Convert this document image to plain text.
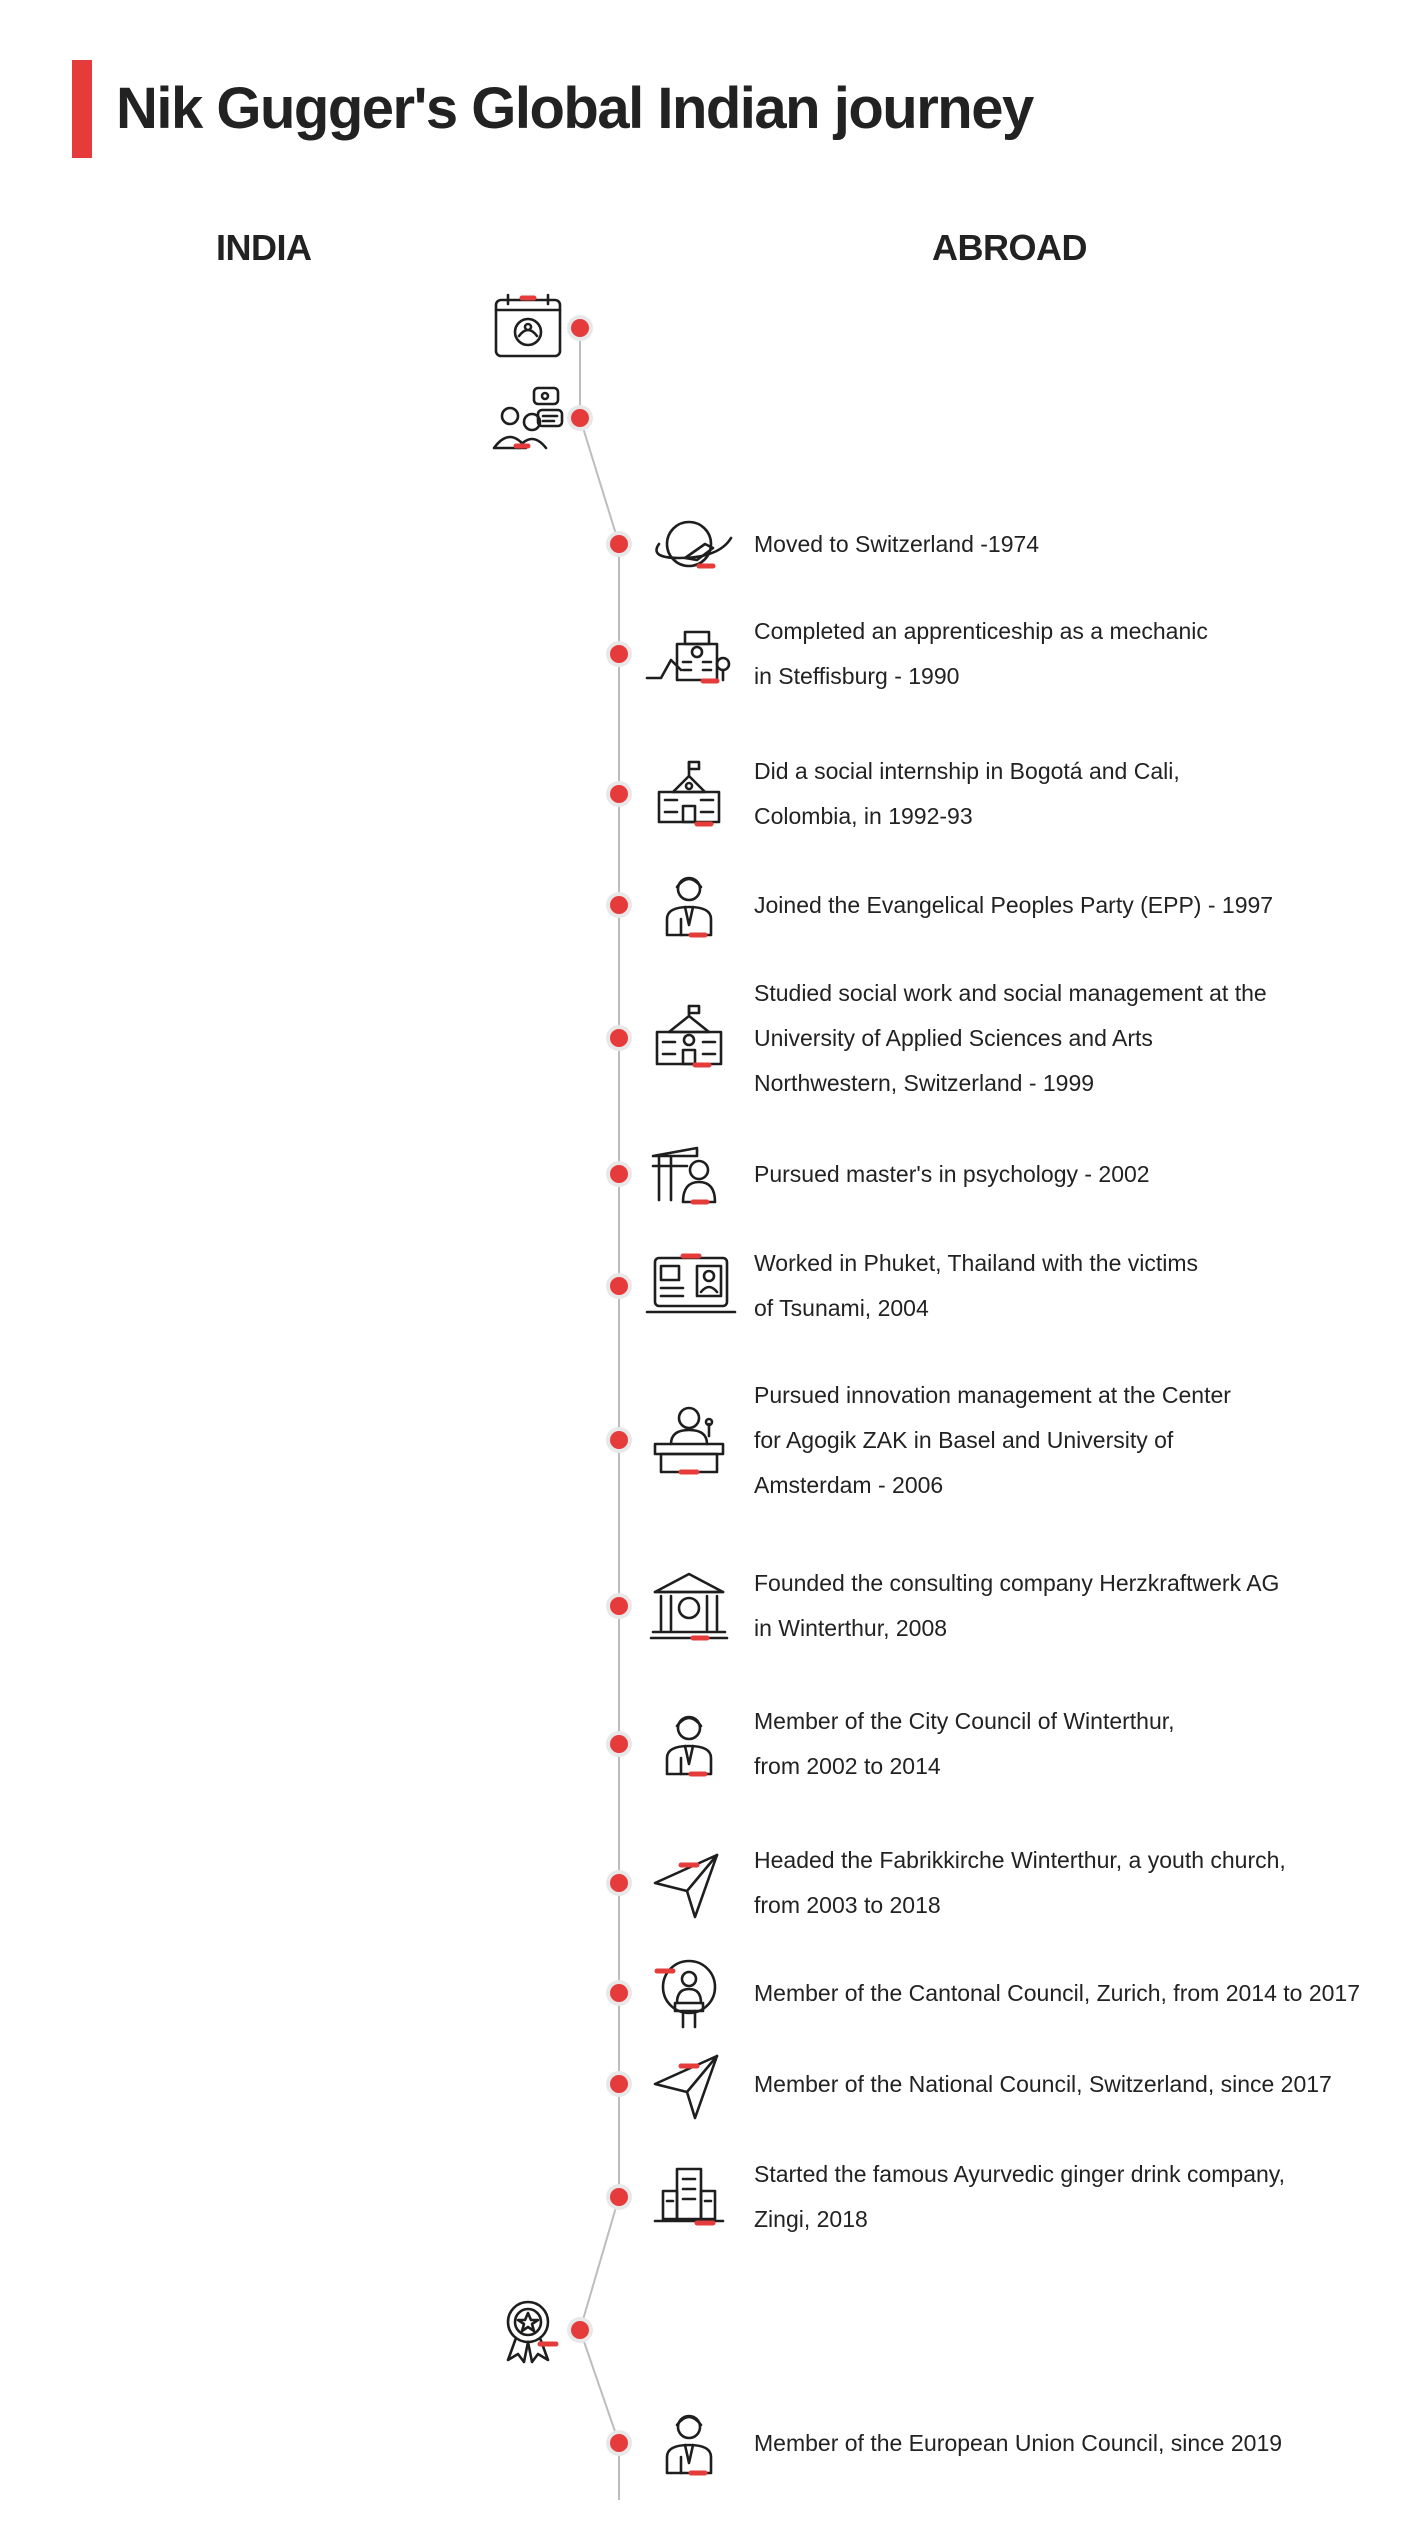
Nik Gugger's Global Indian journey
INDIA	ABROAD
Moved to Switzerland -1974
Completed an apprenticeship as a mechanic
in Steffisburg - 1990
Did a social internship in Bogotá and Cali,
Colombia, in 1992-93
Joined the Evangelical Peoples Party (EPP) - 1997
Studied social work and social management at the
University of Applied Sciences and Arts
Northwestern, Switzerland - 1999
Pursued master's in psychology - 2002
Worked in Phuket, Thailand with the victims
of Tsunami, 2004
Pursued innovation management at the Center
for Agogik ZAK in Basel and University of
Amsterdam - 2006
Founded the consulting company Herzkraftwerk AG
in Winterthur, 2008
Member of the City Council of Winterthur,
from 2002 to 2014
Headed the Fabrikkirche Winterthur, a youth church,
from 2003 to 2018
Member of the Cantonal Council, Zurich, from 2014 to 2017
Member of the National Council, Switzerland, since 2017
Started the famous Ayurvedic ginger drink company,
Zingi, 2018
Member of the European Union Council, since 2019
